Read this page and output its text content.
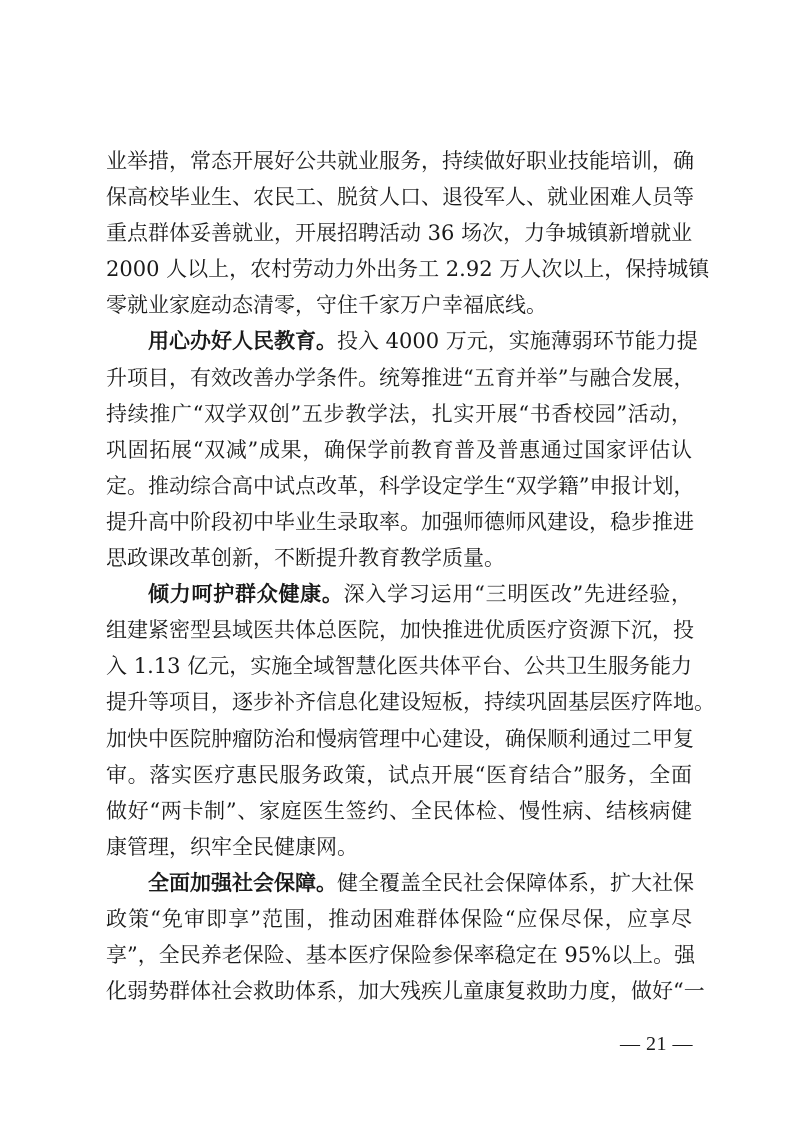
业举措，常态开展好公共就业服务，持续做好职业技能培训，确
保高校毕业生、农民工、脱贫人口、退役军人、就业困难人员等
重点群体妥善就业，开展招聘活动 36 场次，力争城镇新增就业
2000 人以上，农村劳动力外出务工 2.92 万人次以上，保持城镇
零就业家庭动态清零，守住千家万户幸福底线。
用心办好人民教育。投入 4000 万元，实施薄弱环节能力提
升项目，有效改善办学条件。统筹推进“五育并举”与融合发展，
持续推广“双学双创”五步教学法，扎实开展“书香校园”活动，
巩固拓展“双减”成果，确保学前教育普及普惠通过国家评估认
定。推动综合高中试点改革，科学设定学生“双学籍”申报计划，
提升高中阶段初中毕业生录取率。加强师德师风建设，稳步推进
思政课改革创新，不断提升教育教学质量。
倾力呵护群众健康。深入学习运用“三明医改”先进经验，
组建紧密型县域医共体总医院，加快推进优质医疗资源下沉，投
入 1.13 亿元，实施全域智慧化医共体平台、公共卫生服务能力
提升等项目，逐步补齐信息化建设短板，持续巩固基层医疗阵地。
加快中医院肿瘤防治和慢病管理中心建设，确保顺利通过二甲复
审。落实医疗惠民服务政策，试点开展“医育结合”服务，全面
做好“两卡制”、家庭医生签约、全民体检、慢性病、结核病健
康管理，织牢全民健康网。
全面加强社会保障。健全覆盖全民社会保障体系，扩大社保
政策“免审即享”范围，推动困难群体保险“应保尽保，应享尽
享”，全民养老保险、基本医疗保险参保率稳定在 95%以上。强
化弱势群体社会救助体系，加大残疾儿童康复救助力度，做好“一
— 21 —
